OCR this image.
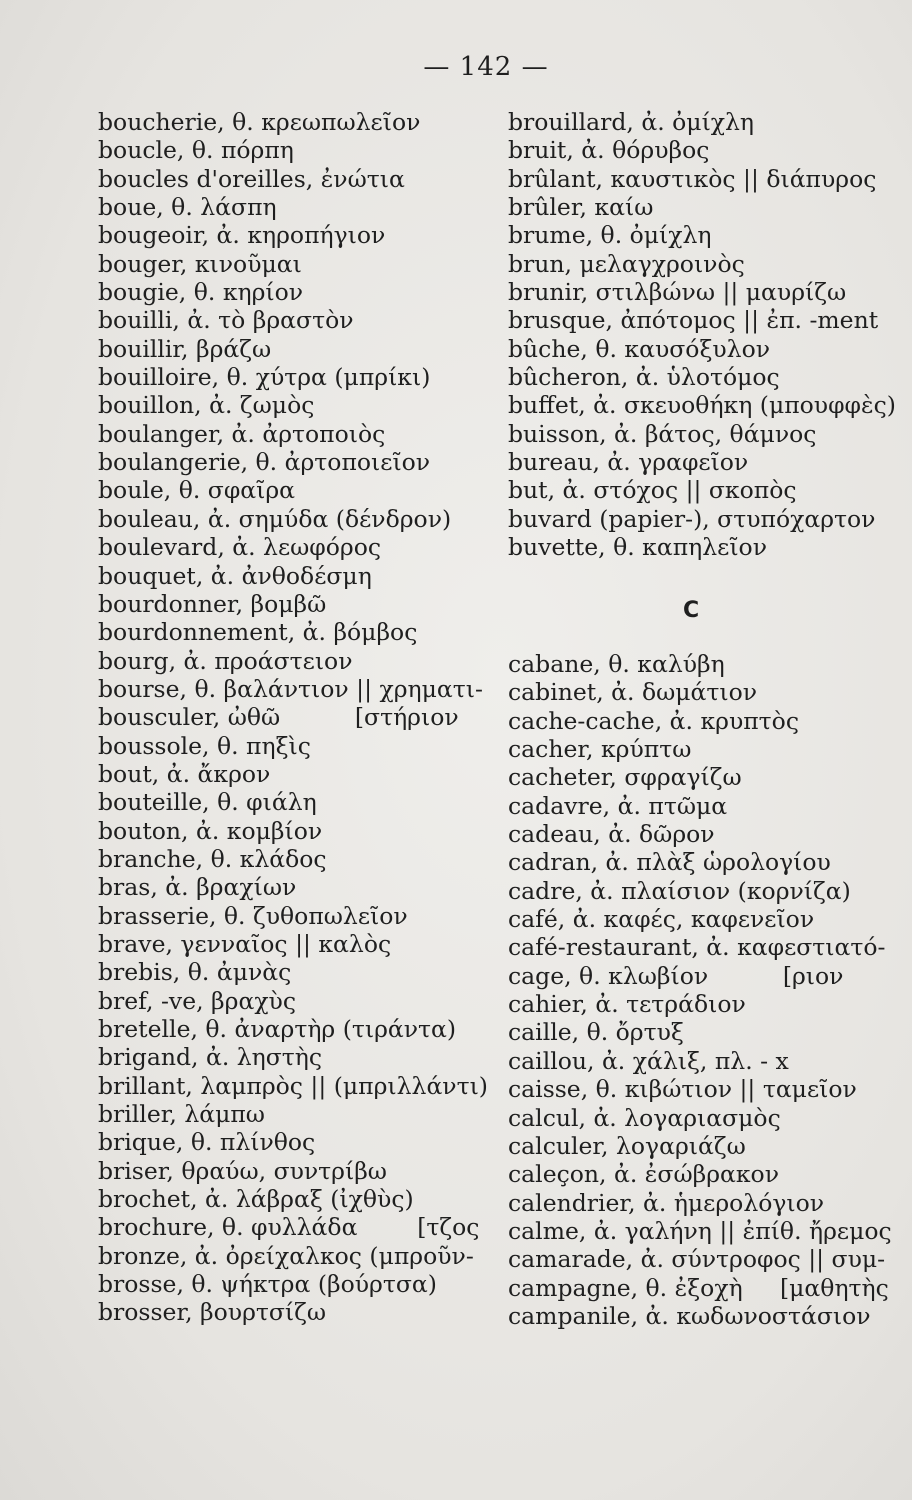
— 142 —
boucherie, θ. κρεωπωλεῖον
boucle, θ. πόρπη
boucles d'oreilles, ἐνώτια
boue, θ. λάσπη
bougeoir, ἀ. κηροπήγιον
bouger, κινοῦμαι
bougie, θ. κηρίον
bouilli, ἀ. τὸ βραστὸν
bouillir, βράζω
bouilloire, θ. χύτρα (μπρίκι)
bouillon, ἀ. ζωμὸς
boulanger, ἀ. ἀρτοποιὸς
boulangerie, θ. ἀρτοποιεῖον
boule, θ. σφαῖρα
bouleau, ἀ. σημύδα (δένδρον)
boulevard, ἀ. λεωφόρος
bouquet, ἀ. ἀνθοδέσμη
bourdonner, βομβῶ
bourdonnement, ἀ. βόμβος
bourg, ἀ. προάστειον
bourse, θ. βαλάντιον || χρηματι-
bousculer, ὠθῶ          [στήριον
boussole, θ. πηξὶς
bout, ἀ. ἄκρον
bouteille, θ. φιάλη
bouton, ἀ. κομβίον
branche, θ. κλάδος
bras, ἀ. βραχίων
brasserie, θ. ζυθοπωλεῖον
brave, γενναῖος || καλὸς
brebis, θ. ἀμνὰς
bref, -ve, βραχὺς
bretelle, θ. ἀναρτὴρ (τιράντα)
brigand, ἀ. ληστὴς
brillant, λαμπρὸς || (μπριλλάντι)
briller, λάμπω
brique, θ. πλίνθος
briser, θραύω, συντρίβω
brochet, ἀ. λάβραξ (ἰχθὺς)
brochure, θ. φυλλάδα        [τζος
bronze, ἀ. ὀρείχαλκος (μπροῦν-
brosse, θ. ψήκτρα (βούρτσα)
brosser, βουρτσίζω
brouillard, ἀ. ὀμίχλη
bruit, ἀ. θόρυβος
brûlant, καυστικὸς || διάπυρος
brûler, καίω
brume, θ. ὀμίχλη
brun, μελαγχροινὸς
brunir, στιλβώνω || μαυρίζω
brusque, ἀπότομος || ἐπ. -ment
bûche, θ. καυσόξυλον
bûcheron, ἀ. ὑλοτόμος
buffet, ἀ. σκευοθήκη (μπουφφὲς)
buisson, ἀ. βάτος, θάμνος
bureau, ἀ. γραφεῖον
but, ἀ. στόχος || σκοπὸς
buvard (papier-), στυπόχαρτον
buvette, θ. καπηλεῖον
C
cabane, θ. καλύβη
cabinet, ἀ. δωμάτιον
cache-cache, ἀ. κρυπτὸς
cacher, κρύπτω
cacheter, σφραγίζω
cadavre, ἀ. πτῶμα
cadeau, ἀ. δῶρον
cadran, ἀ. πλὰξ ὡρολογίου
cadre, ἀ. πλαίσιον (κορνίζα)
café, ἀ. καφές, καφενεῖον
café-restaurant, ἀ. καφεστιατό-
cage, θ. κλωβίον          [ριον
cahier, ἀ. τετράδιον
caille, θ. ὄρτυξ
caillou, ἀ. χάλιξ, πλ. - x
caisse, θ. κιβώτιον || ταμεῖον
calcul, ἀ. λογαριασμὸς
calculer, λογαριάζω
caleçon, ἀ. ἐσώβρακον
calendrier, ἀ. ἡμερολόγιον
calme, ἀ. γαλήνη || ἐπίθ. ἤρεμος
camarade, ἀ. σύντροφος || συμ-
campagne, θ. ἐξοχὴ     [μαθητὴς
campanile, ἀ. κωδωνοστάσιον
